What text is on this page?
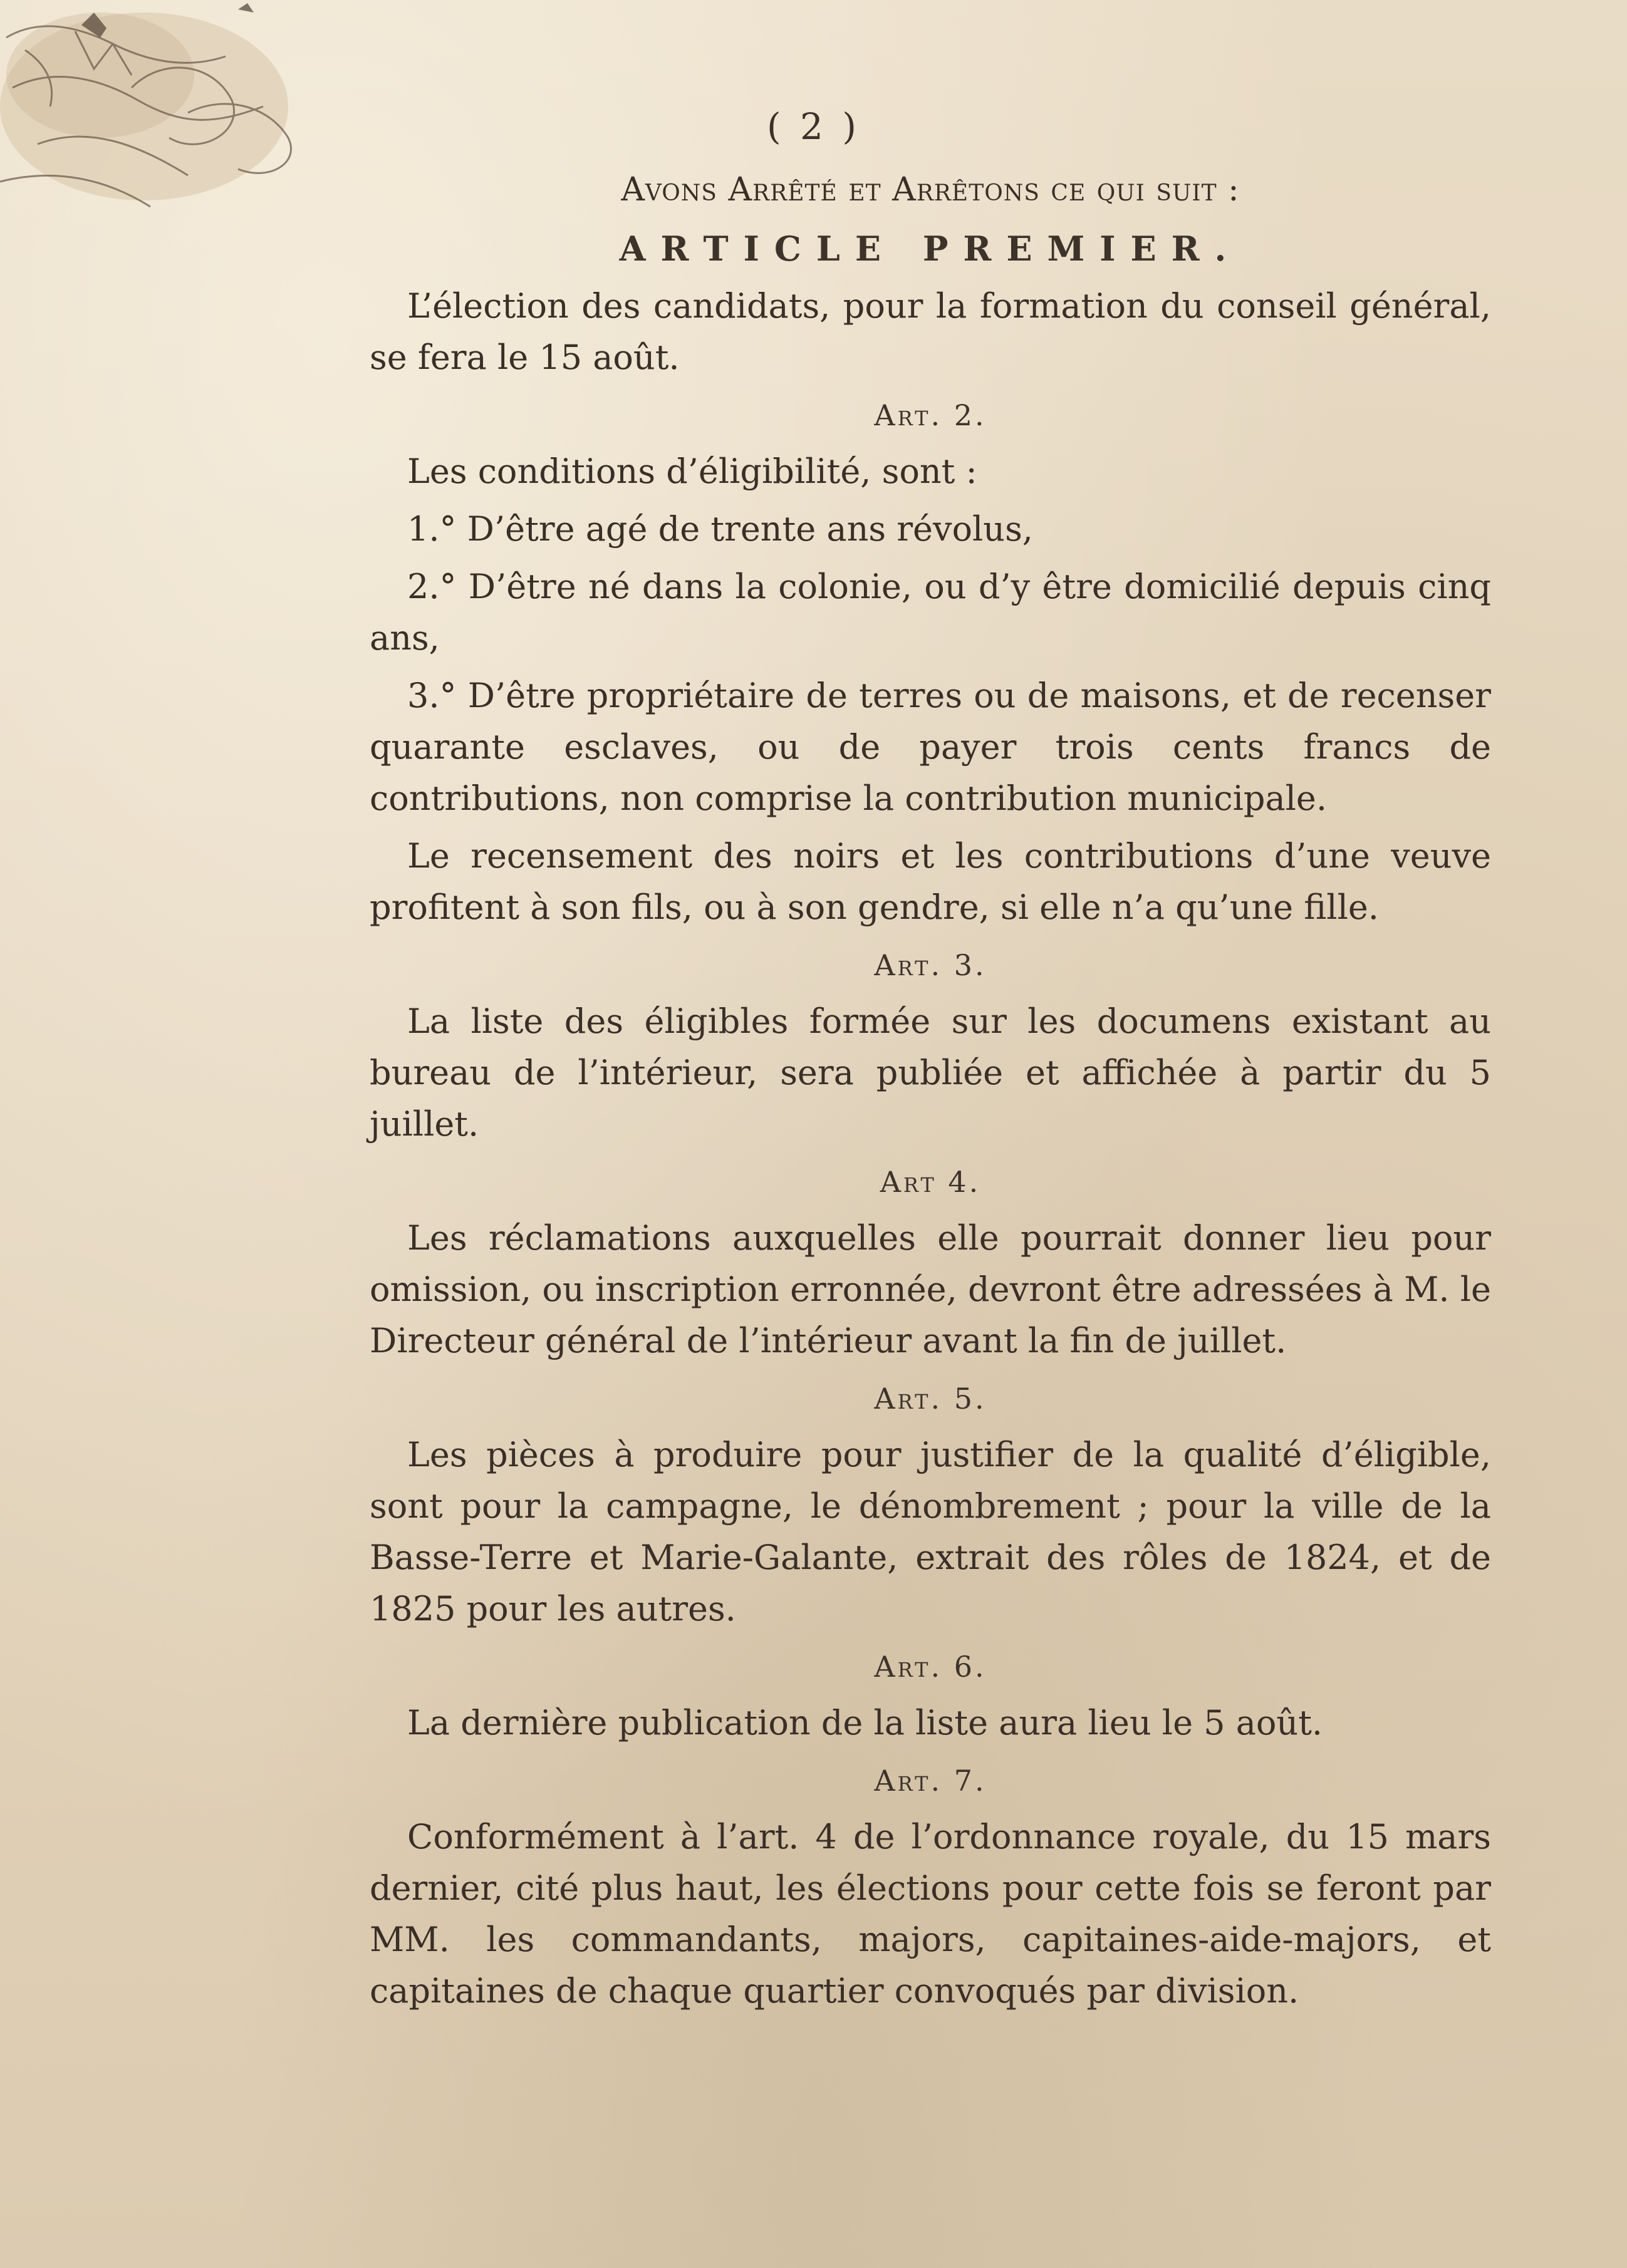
( 2 )
Avons Arrêté et Arrêtons ce qui suit :
ARTICLE PREMIER.
L’élection des candidats, pour la formation du conseil général, se fera le 15 août.
Art. 2.
Les conditions d’éligibilité, sont :
1.° D’être agé de trente ans révolus,
2.° D’être né dans la colonie, ou d’y être domicilié depuis cinq ans,
3.° D’être propriétaire de terres ou de maisons, et de recenser quarante esclaves, ou de payer trois cents francs de contributions, non comprise la contribution municipale.
Le recensement des noirs et les contributions d’une veuve profitent à son fils, ou à son gendre, si elle n’a qu’une fille.
Art. 3.
La liste des éligibles formée sur les documens existant au bureau de l’intérieur, sera publiée et affichée à partir du 5 juillet.
Art 4.
Les réclamations auxquelles elle pourrait donner lieu pour omission, ou inscription erronnée, devront être adressées à M. le Directeur général de l’intérieur avant la fin de juillet.
Art. 5.
Les pièces à produire pour justifier de la qualité d’éligible, sont pour la campagne, le dénombrement ; pour la ville de la Basse-Terre et Marie-Galante, extrait des rôles de 1824, et de 1825 pour les autres.
Art. 6.
La dernière publication de la liste aura lieu le 5 août.
Art. 7.
Conformément à l’art. 4 de l’ordonnance royale, du 15 mars dernier, cité plus haut, les élections pour cette fois se feront par MM. les commandants, majors, capitaines-aide-majors, et capitaines de chaque quartier convoqués par division.
